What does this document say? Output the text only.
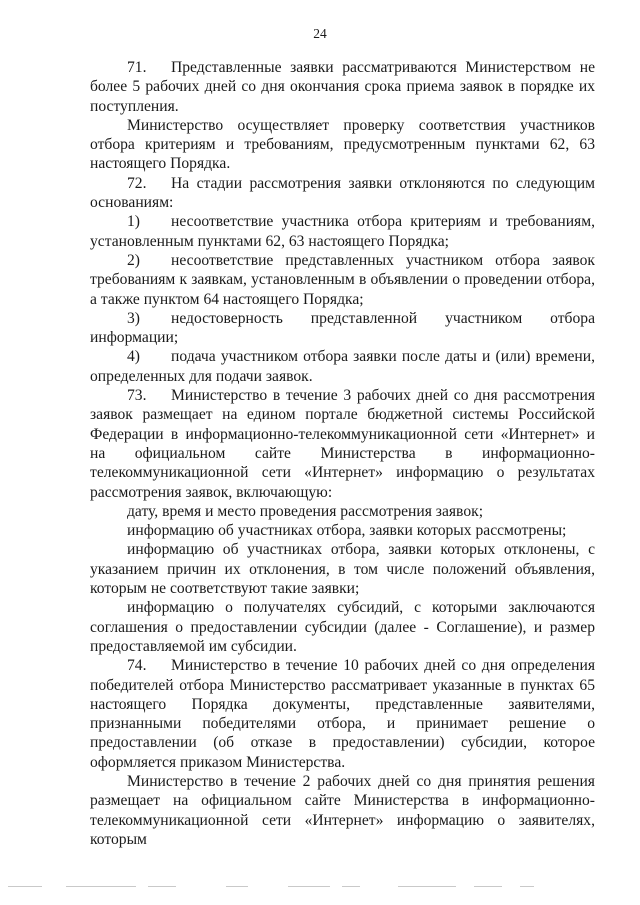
24

71. Представленные заявки рассматриваются Министерством не более 5 рабочих дней со дня окончания срока приема заявок в порядке их поступления.

Министерство осуществляет проверку соответствия участников отбора критериям и требованиям, предусмотренным пунктами 62, 63 настоящего Порядка.

72. На стадии рассмотрения заявки отклоняются по следующим основаниям:

1) несоответствие участника отбора критериям и требованиям, установленным пунктами 62, 63 настоящего Порядка;

2) несоответствие представленных участником отбора заявок требованиям к заявкам, установленным в объявлении о проведении отбора, а также пунктом 64 настоящего Порядка;

3) недостоверность представленной участником отбора информации;

4) подача участником отбора заявки после даты и (или) времени, определенных для подачи заявок.

73. Министерство в течение 3 рабочих дней со дня рассмотрения заявок размещает на едином портале бюджетной системы Российской Федерации в информационно-телекоммуникационной сети «Интернет» и на официальном сайте Министерства в информационно-телекоммуникационной сети «Интернет» информацию о результатах рассмотрения заявок, включающую:

дату, время и место проведения рассмотрения заявок;

информацию об участниках отбора, заявки которых рассмотрены;

информацию об участниках отбора, заявки которых отклонены, с указанием причин их отклонения, в том числе положений объявления, которым не соответствуют такие заявки;

информацию о получателях субсидий, с которыми заключаются соглашения о предоставлении субсидии (далее - Соглашение), и размер предоставляемой им субсидии.

74. Министерство в течение 10 рабочих дней со дня определения победителей отбора Министерство рассматривает указанные в пунктах 65 настоящего Порядка документы, представленные заявителями, признанными победителями отбора, и принимает решение о предоставлении (об отказе в предоставлении) субсидии, которое оформляется приказом Министерства.

Министерство в течение 2 рабочих дней со дня принятия решения размещает на официальном сайте Министерства в информационно-телекоммуникационной сети «Интернет» информацию о заявителях, которым
